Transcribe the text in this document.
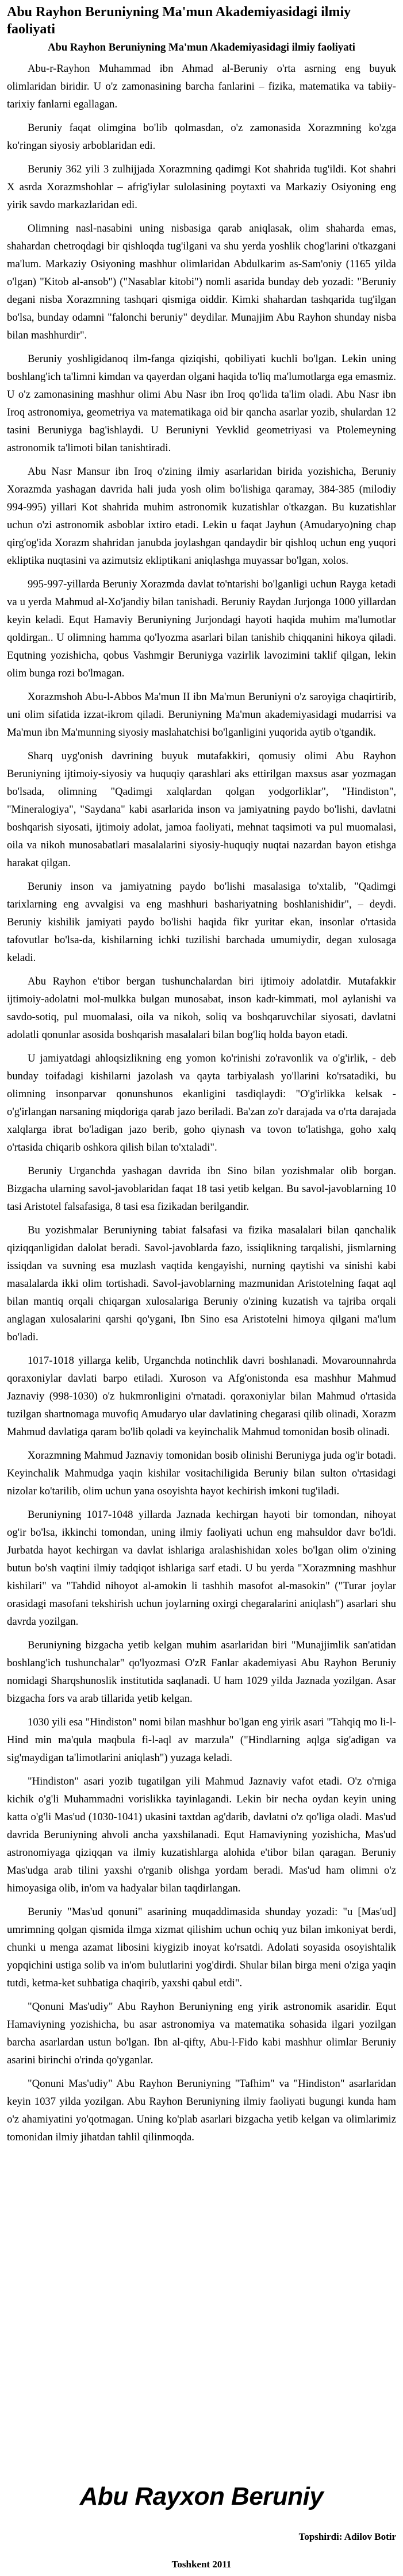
Abu Rayhon Beruniyning Ma'mun Akademiyasidagi ilmiy faoliyati
Abu Rayhon Beruniyning Ma'mun Akademiyasidagi ilmiy faoliyati

Abu-r-Rayhon Muhammad ibn Ahmad al-Beruniy o'rta asrning eng buyuk olimlaridan biridir. U o'z zamonasining barcha fanlarini – fizika, matematika va tabiiy-tarixiy fanlarni egallagan.

Beruniy faqat olimgina bo'lib qolmasdan, o'z zamonasida Xorazmning ko'zga ko'ringan siyosiy arboblaridan edi.

Beruniy 362 yili 3 zulhijjada Xorazmning qadimgi Kot shahrida tug'ildi. Kot shahri X asrda Xorazmshohlar – afrig'iylar sulolasining poytaxti va Markaziy Osiyoning eng yirik savdo markazlaridan edi.

Olimning nasl-nasabini uning nisbasiga qarab aniqlasak, olim shaharda emas, shahardan chetroqdagi bir qishloqda tug'ilgani va shu yerda yoshlik chog'larini o'tkazgani ma'lum. Markaziy Osiyoning mashhur olimlaridan Abdulkarim as-Sam'oniy (1165 yilda o'lgan) "Kitob al-ansob") ("Nasablar kitobi") nomli asarida bunday deb yozadi: "Beruniy degani nisba Xorazmning tashqari qismiga oiddir. Kimki shahardan tashqarida tug'ilgan bo'lsa, bunday odamni "falonchi beruniy" deydilar. Munajjim Abu Rayhon shunday nisba bilan mashhurdir".

Beruniy yoshligidanoq ilm-fanga qiziqishi, qobiliyati kuchli bo'lgan. Lekin uning boshlang'ich ta'limni kimdan va qayerdan olgani haqida to'liq ma'lumotlarga ega emasmiz. U o'z zamonasining mashhur olimi Abu Nasr ibn Iroq qo'lida ta'lim oladi. Abu Nasr ibn Iroq astronomiya, geometriya va matematikaga oid bir qancha asarlar yozib, shulardan 12 tasini Beruniyga bag'ishlaydi. U Beruniyni Yevklid geometriyasi va Ptolemeyning astronomik ta'limoti bilan tanishtiradi.

Abu Nasr Mansur ibn Iroq o'zining ilmiy asarlaridan birida yozishicha, Beruniy Xorazmda yashagan davrida hali juda yosh olim bo'lishiga qaramay, 384-385 (milodiy 994-995) yillari Kot shahrida muhim astronomik kuzatishlar o'tkazgan. Bu kuzatishlar uchun o'zi astronomik asboblar ixtiro etadi. Lekin u faqat Jayhun (Amudaryo)ning chap qirg'og'ida Xorazm shahridan janubda joylashgan qandaydir bir qishloq uchun eng yuqori ekliptika nuqtasini va azimutsiz ekliptikani aniqlashga muyassar bo'lgan, xolos.

995-997-yillarda Beruniy Xorazmda davlat to'ntarishi bo'lganligi uchun Rayga ketadi va u yerda Mahmud al-Xo'jandiy bilan tanishadi. Beruniy Raydan Jurjonga 1000 yillardan keyin keladi. Equt Hamaviy Beruniyning Jurjondagi hayoti haqida muhim ma'lumotlar qoldirgan.. U olimning hamma qo'lyozma asarlari bilan tanishib chiqqanini hikoya qiladi. Equtning yozishicha, qobus Vashmgir Beruniyga vazirlik lavozimini taklif qilgan, lekin olim bunga rozi bo'lmagan.

Xorazmshoh Abu-l-Abbos Ma'mun II ibn Ma'mun Beruniyni o'z saroyiga chaqirtirib, uni olim sifatida izzat-ikrom qiladi. Beruniyning Ma'mun akademiyasidagi mudarrisi va Ma'mun ibn Ma'munning siyosiy maslahatchisi bo'lganligini yuqorida aytib o'tgandik.

Sharq uyg'onish davrining buyuk mutafakkiri, qomusiy olimi Abu Rayhon Beruniyning ijtimoiy-siyosiy va huquqiy qarashlari aks ettirilgan maxsus asar yozmagan bo'lsada, olimning "Qadimgi xalqlardan qolgan yodgorliklar", "Hindiston", "Mineralogiya", "Saydana" kabi asarlarida inson va jamiyatning paydo bo'lishi, davlatni boshqarish siyosati, ijtimoiy adolat, jamoa faoliyati, mehnat taqsimoti va pul muomalasi, oila va nikoh munosabatlari masalalarini siyosiy-huquqiy nuqtai nazardan bayon etishga harakat qilgan.

Beruniy inson va jamiyatning paydo bo'lishi masalasiga to'xtalib, "Qadimgi tarixlarning eng avvalgisi va eng mashhuri bashariyatning boshlanishidir", – deydi. Beruniy kishilik jamiyati paydo bo'lishi haqida fikr yuritar ekan, insonlar o'rtasida tafovutlar bo'lsa-da, kishilarning ichki tuzilishi barchada umumiydir, degan xulosaga keladi.

Abu Rayhon e'tibor bergan tushunchalardan biri ijtimoiy adolatdir. Mutafakkir ijtimoiy-adolatni mol-mulkka bulgan munosabat, inson kadr-kimmati, mol aylanishi va savdo-sotiq, pul muomalasi, oila va nikoh, soliq va boshqaruvchilar siyosati, davlatni adolatli qonunlar asosida boshqarish masalalari bilan bog'liq holda bayon etadi.

U jamiyatdagi ahloqsizlikning eng yomon ko'rinishi zo'ravonlik va o'g'irlik, - deb bunday toifadagi kishilarni jazolash va qayta tarbiyalash yo'llarini ko'rsatadiki, bu olimning insonparvar qonunshunos ekanligini tasdiqlaydi: "O'g'irlikka kelsak - o'g'irlangan narsaning miqdoriga qarab jazo beriladi. Ba'zan zo'r darajada va o'rta darajada xalqlarga ibrat bo'ladigan jazo berib, goho qiynash va tovon to'latishga, goho xalq o'rtasida chiqarib oshkora qilish bilan to'xtaladi".

Beruniy Urganchda yashagan davrida ibn Sino bilan yozishmalar olib borgan. Bizgacha ularning savol-javoblaridan faqat 18 tasi yetib kelgan. Bu savol-javoblarning 10 tasi Aristotel falsafasiga, 8 tasi esa fizikadan berilgandir.

Bu yozishmalar Beruniyning tabiat falsafasi va fizika masalalari bilan qanchalik qiziqqanligidan dalolat beradi. Savol-javoblarda fazo, issiqlikning tarqalishi, jismlarning issiqdan va suvning esa muzlash vaqtida kengayishi, nurning qaytishi va sinishi kabi masalalarda ikki olim tortishadi. Savol-javoblarning mazmunidan Aristotelning faqat aql bilan mantiq orqali chiqargan xulosalariga Beruniy o'zining kuzatish va tajriba orqali anglagan xulosalarini qarshi qo'ygani, Ibn Sino esa Aristotelni himoya qilgani ma'lum bo'ladi.

1017-1018 yillarga kelib, Urganchda notinchlik davri boshlanadi. Movarounnahrda qoraxoniylar davlati barpo etiladi. Xuroson va Afg'onistonda esa mashhur Mahmud Jaznaviy (998-1030) o'z hukmronligini o'rnatadi. qoraxoniylar bilan Mahmud o'rtasida tuzilgan shartnomaga muvofiq Amudaryo ular davlatining chegarasi qilib olinadi, Xorazm Mahmud davlatiga qaram bo'lib qoladi va keyinchalik Mahmud tomonidan bosib olinadi.

Xorazmning Mahmud Jaznaviy tomonidan bosib olinishi Beruniyga juda og'ir botadi. Keyinchalik Mahmudga yaqin kishilar vositachiligida Beruniy bilan sulton o'rtasidagi nizolar ko'tarilib, olim uchun yana osoyishta hayot kechirish imkoni tug'iladi.

Beruniyning 1017-1048 yillarda Jaznada kechirgan hayoti bir tomondan, nihoyat og'ir bo'lsa, ikkinchi tomondan, uning ilmiy faoliyati uchun eng mahsuldor davr bo'ldi. Jurbatda hayot kechirgan va davlat ishlariga aralashishidan xoles bo'lgan olim o'zining butun bo'sh vaqtini ilmiy tadqiqot ishlariga sarf etadi. U bu yerda "Xorazmning mashhur kishilari" va "Tahdid nihoyot al-amokin li tashhih masofot al-masokin" ("Turar joylar orasidagi masofani tekshirish uchun joylarning oxirgi chegaralarini aniqlash") asarlari shu davrda yozilgan.

Beruniyning bizgacha yetib kelgan muhim asarlaridan biri "Munajjimlik san'atidan boshlang'ich tushunchalar" qo'lyozmasi O'zR Fanlar akademiyasi Abu Rayhon Beruniy nomidagi Sharqshunoslik institutida saqlanadi. U ham 1029 yilda Jaznada yozilgan. Asar bizgacha fors va arab tillarida yetib kelgan.

1030 yili esa "Hindiston" nomi bilan mashhur bo'lgan eng yirik asari "Tahqiq mo li-l-Hind min ma'qula maqbula fi-l-aql av marzula" ("Hindlarning aqlga sig'adigan va sig'maydigan ta'limotlarini aniqlash") yuzaga keladi.

"Hindiston" asari yozib tugatilgan yili Mahmud Jaznaviy vafot etadi. O'z o'rniga kichik o'g'li Muhammadni vorislikka tayinlagandi. Lekin bir necha oydan keyin uning katta o'g'li Mas'ud (1030-1041) ukasini taxtdan ag'darib, davlatni o'z qo'liga oladi. Mas'ud davrida Beruniyning ahvoli ancha yaxshilanadi. Equt Hamaviyning yozishicha, Mas'ud astronomiyaga qiziqqan va ilmiy kuzatishlarga alohida e'tibor bilan qaragan. Beruniy Mas'udga arab tilini yaxshi o'rganib olishga yordam beradi. Mas'ud ham olimni o'z himoyasiga olib, in'om va hadyalar bilan taqdirlangan.

Beruniy "Mas'ud qonuni" asarining muqaddimasida shunday yozadi: "u [Mas'ud] umrimning qolgan qismida ilmga xizmat qilishim uchun ochiq yuz bilan imkoniyat berdi, chunki u menga azamat libosini kiygizib inoyat ko'rsatdi. Adolati soyasida osoyishtalik yopqichini ustiga solib va in'om bulutlarini yog'dirdi. Shular bilan birga meni o'ziga yaqin tutdi, ketma-ket suhbatiga chaqirib, yaxshi qabul etdi".

"Qonuni Mas'udiy" Abu Rayhon Beruniyning eng yirik astronomik asaridir. Equt Hamaviyning yozishicha, bu asar astronomiya va matematika sohasida ilgari yozilgan barcha asarlardan ustun bo'lgan. Ibn al-qifty, Abu-l-Fido kabi mashhur olimlar Beruniy asarini birinchi o'rinda qo'yganlar.

"Qonuni Mas'udiy" Abu Rayhon Beruniyning "Tafhim" va "Hindiston" asarlaridan keyin 1037 yilda yozilgan. Abu Rayhon Beruniyning ilmiy faoliyati bugungi kunda ham o'z ahamiyatini yo'qotmagan. Uning ko'plab asarlari bizgacha yetib kelgan va olimlarimiz tomonidan ilmiy jihatdan tahlil qilinmoqda.

Abu Rayxon Beruniy
Topshirdi: Adilov Botir
Toshkent 2011
